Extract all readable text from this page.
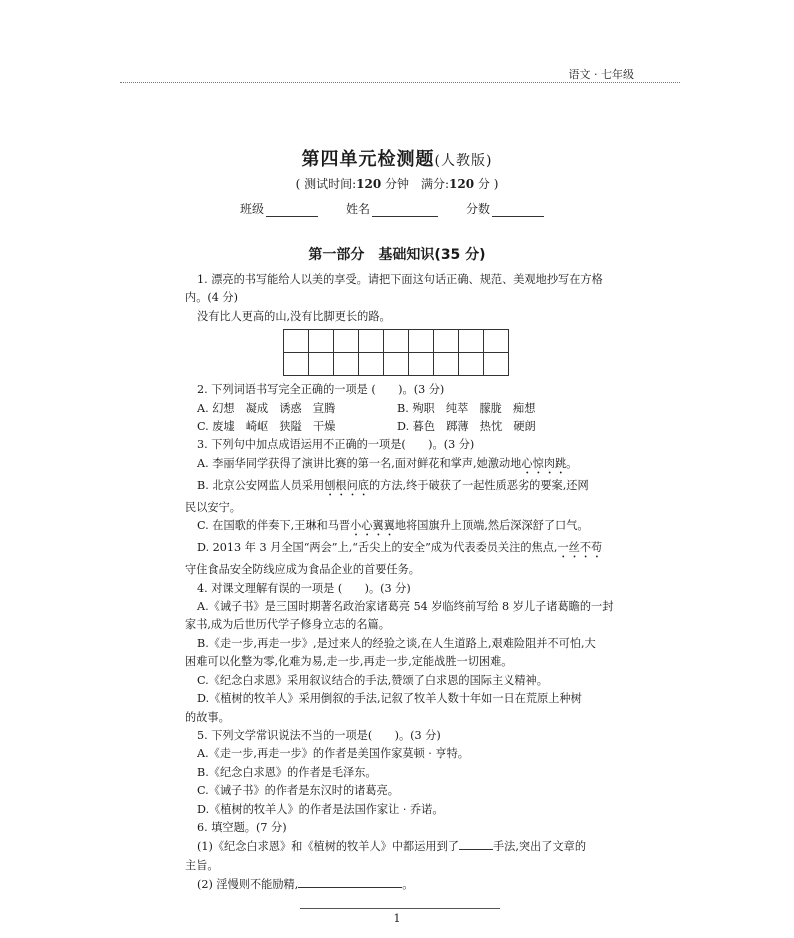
语文 · 七年级
第四单元检测题(人教版)
( 测试时间:120 分钟　满分:120 分 )
班级	姓名	分数
第一部分　基础知识(35 分)

1. 漂亮的书写能给人以美的享受。请把下面这句话正确、规范、美观地抄写在方格

内。(4 分)

没有比人更高的山,没有比脚更长的路。

2. 下列词语书写完全正确的一项是 (　　)。(3 分)

A. 幻想　凝成　诱惑　宣腾	B. 殉职　纯萃　朦胧　痴想
C. 废墟　崎岖　狭隘　干燥	D. 暮色　踯薄　热忱　硬朗

3. 下列句中加点成语运用不正确的一项是(　　)。(3 分)

A. 李丽华同学获得了演讲比赛的第一名,面对鲜花和掌声,她激动地心惊肉跳。

B. 北京公安网监人员采用刨根问底的方法,终于破获了一起性质恶劣的要案,还网

民以安宁。

C. 在国歌的伴奏下,王琳和马晋小心翼翼地将国旗升上顶端,然后深深舒了口气。

D. 2013 年 3 月全国“两会”上,“舌尖上的安全”成为代表委员关注的焦点,一丝不苟

守住食品安全防线应成为食品企业的首要任务。

4. 对课文理解有误的一项是 (　　)。(3 分)

A.《诫子书》是三国时期著名政治家诸葛亮 54 岁临终前写给 8 岁儿子诸葛瞻的一封

家书,成为后世历代学子修身立志的名篇。

B.《走一步,再走一步》,是过来人的经验之谈,在人生道路上,艰难险阻并不可怕,大

困难可以化整为零,化难为易,走一步,再走一步,定能战胜一切困难。

C.《纪念白求恩》采用叙议结合的手法,赞颂了白求恩的国际主义精神。

D.《植树的牧羊人》采用倒叙的手法,记叙了牧羊人数十年如一日在荒原上种树

的故事。

5. 下列文学常识说法不当的一项是(　　)。(3 分)

A.《走一步,再走一步》的作者是美国作家莫顿 · 亨特。

B.《纪念白求恩》的作者是毛泽东。

C.《诫子书》的作者是东汉时的诸葛亮。

D.《植树的牧羊人》的作者是法国作家让 · 乔诺。

6. 填空题。(7 分)

(1)《纪念白求恩》和《植树的牧羊人》中都运用到了	手法,突出了文章的

主旨。

(2) 淫慢则不能励精,	。

1
